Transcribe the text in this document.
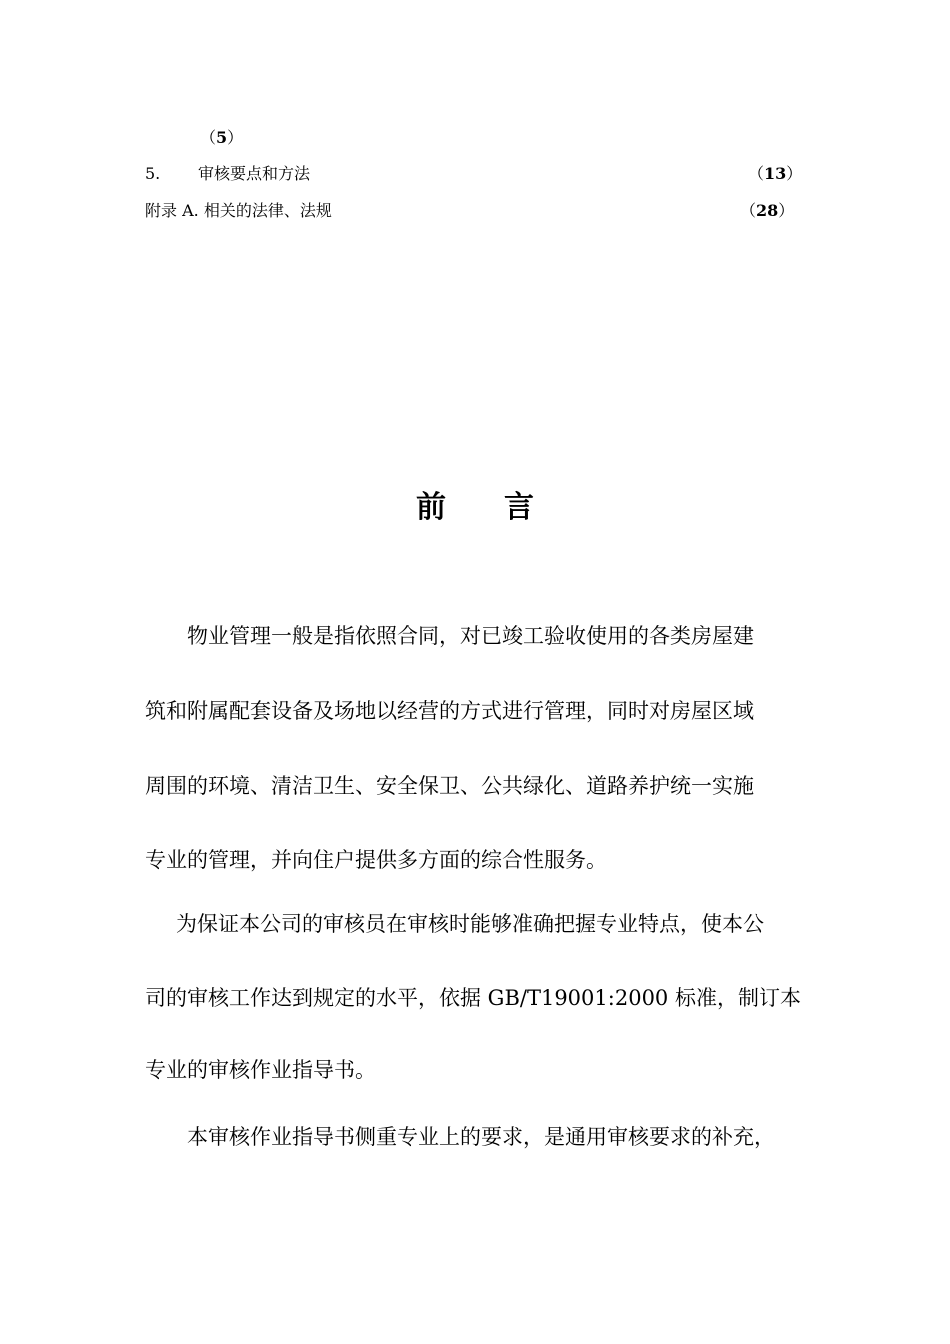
（5）
5. 审核要点和方法	（13）
附录 A. 相关的法律、法规	（28）
前 言
物业管理一般是指依照合同，对已竣工验收使用的各类房屋建
筑和附属配套设备及场地以经营的方式进行管理，同时对房屋区域
周围的环境、清洁卫生、安全保卫、公共绿化、道路养护统一实施
专业的管理，并向住户提供多方面的综合性服务。
为保证本公司的审核员在审核时能够准确把握专业特点，使本公
司的审核工作达到规定的水平，依据 GB/T19001:2000 标准，制订本
专业的审核作业指导书。
本审核作业指导书侧重专业上的要求，是通用审核要求的补充，
